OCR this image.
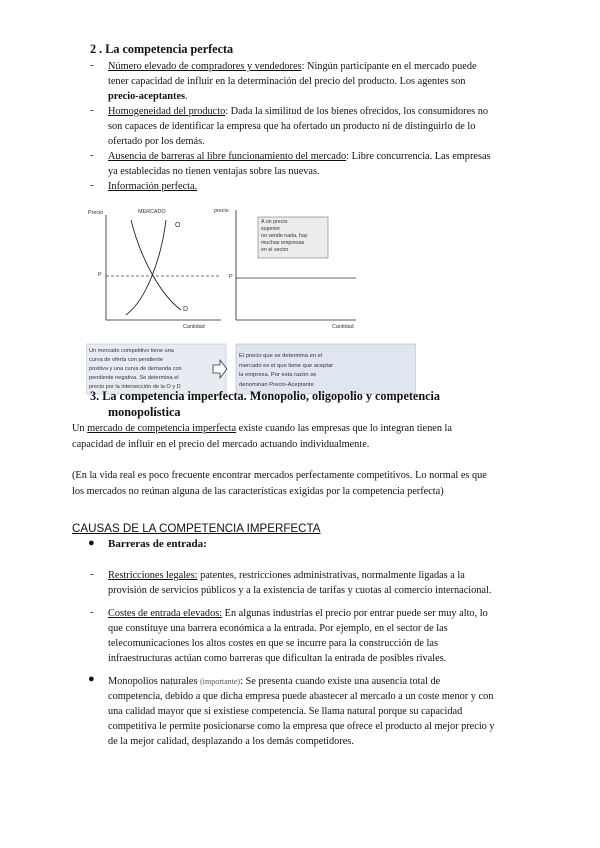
2 . La competencia perfecta
- Número elevado de compradores y vendedores: Ningún participante en el mercado puede
tener capacidad de influir en la determinación del precio del producto. Los agentes son
precio-aceptantes.
- Homogeneidad del producto: Dada la similitud de los bienes ofrecidos, los consumidores no
son capaces de identificar la empresa que ha ofertado un producto ni de distinguirlo de lo
ofertado por los demás.
- Ausencia de barreras al libre funcionamiento del mercado: Libre concurrencia. Las empresas
ya establecidas no tienen ventajas sobre las nuevas.
- Información perfecta.
Precio	MERCADO
O
D
P
Cantidad
precio
P
Cantidad
A un precio
superior
no vende nada, hay
muchas empresas
en el sector
Un mercado competitivo tiene una
curva de oferta con pendiente
positiva y una curva de demanda con
pendiente negativa. Se determina el
precio por la intersección de la O y D
El precio que se determina en el
mercado es el que tiene que aceptar
la empresa. Por esta razón se
denominan Precio-Aceptante
3. La competencia imperfecta. Monopolio, oligopolio y competencia
monopolística
Un mercado de competencia imperfecta existe cuando las empresas que lo integran tienen la
capacidad de influir en el precio del mercado actuando individualmente.
(En la vida real es poco frecuente encontrar mercados perfectamente competitivos. Lo normal es que
los mercados no reúnan alguna de las características exigidas por la competencia perfecta)
CAUSAS DE LA COMPETENCIA IMPERFECTA
● Barreras de entrada:
- Restricciones legales: patentes, restricciones administrativas, normalmente ligadas a la
provisión de servicios públicos y a la existencia de tarifas y cuotas al comercio internacional.
- Costes de entrada elevados: En algunas industrias el precio por entrar puede ser muy alto, lo
que constituye una barrera económica a la entrada. Por ejemplo, en el sector de las
telecomunicaciones los altos costes en que se incurre para la construcción de las
infraestructuras actúan como barreras que dificultan la entrada de posibles rivales.
● Monopolios naturales (importante): Se presenta cuando existe una ausencia total de
competencia, debido a que dicha empresa puede abastecer al mercado a un coste menor y con
una calidad mayor que si existiese competencia. Se llama natural porque su capacidad
competitiva le permite posicionarse como la empresa que ofrece el producto al mejor precio y
de la mejor calidad, desplazando a los demás competidores.
